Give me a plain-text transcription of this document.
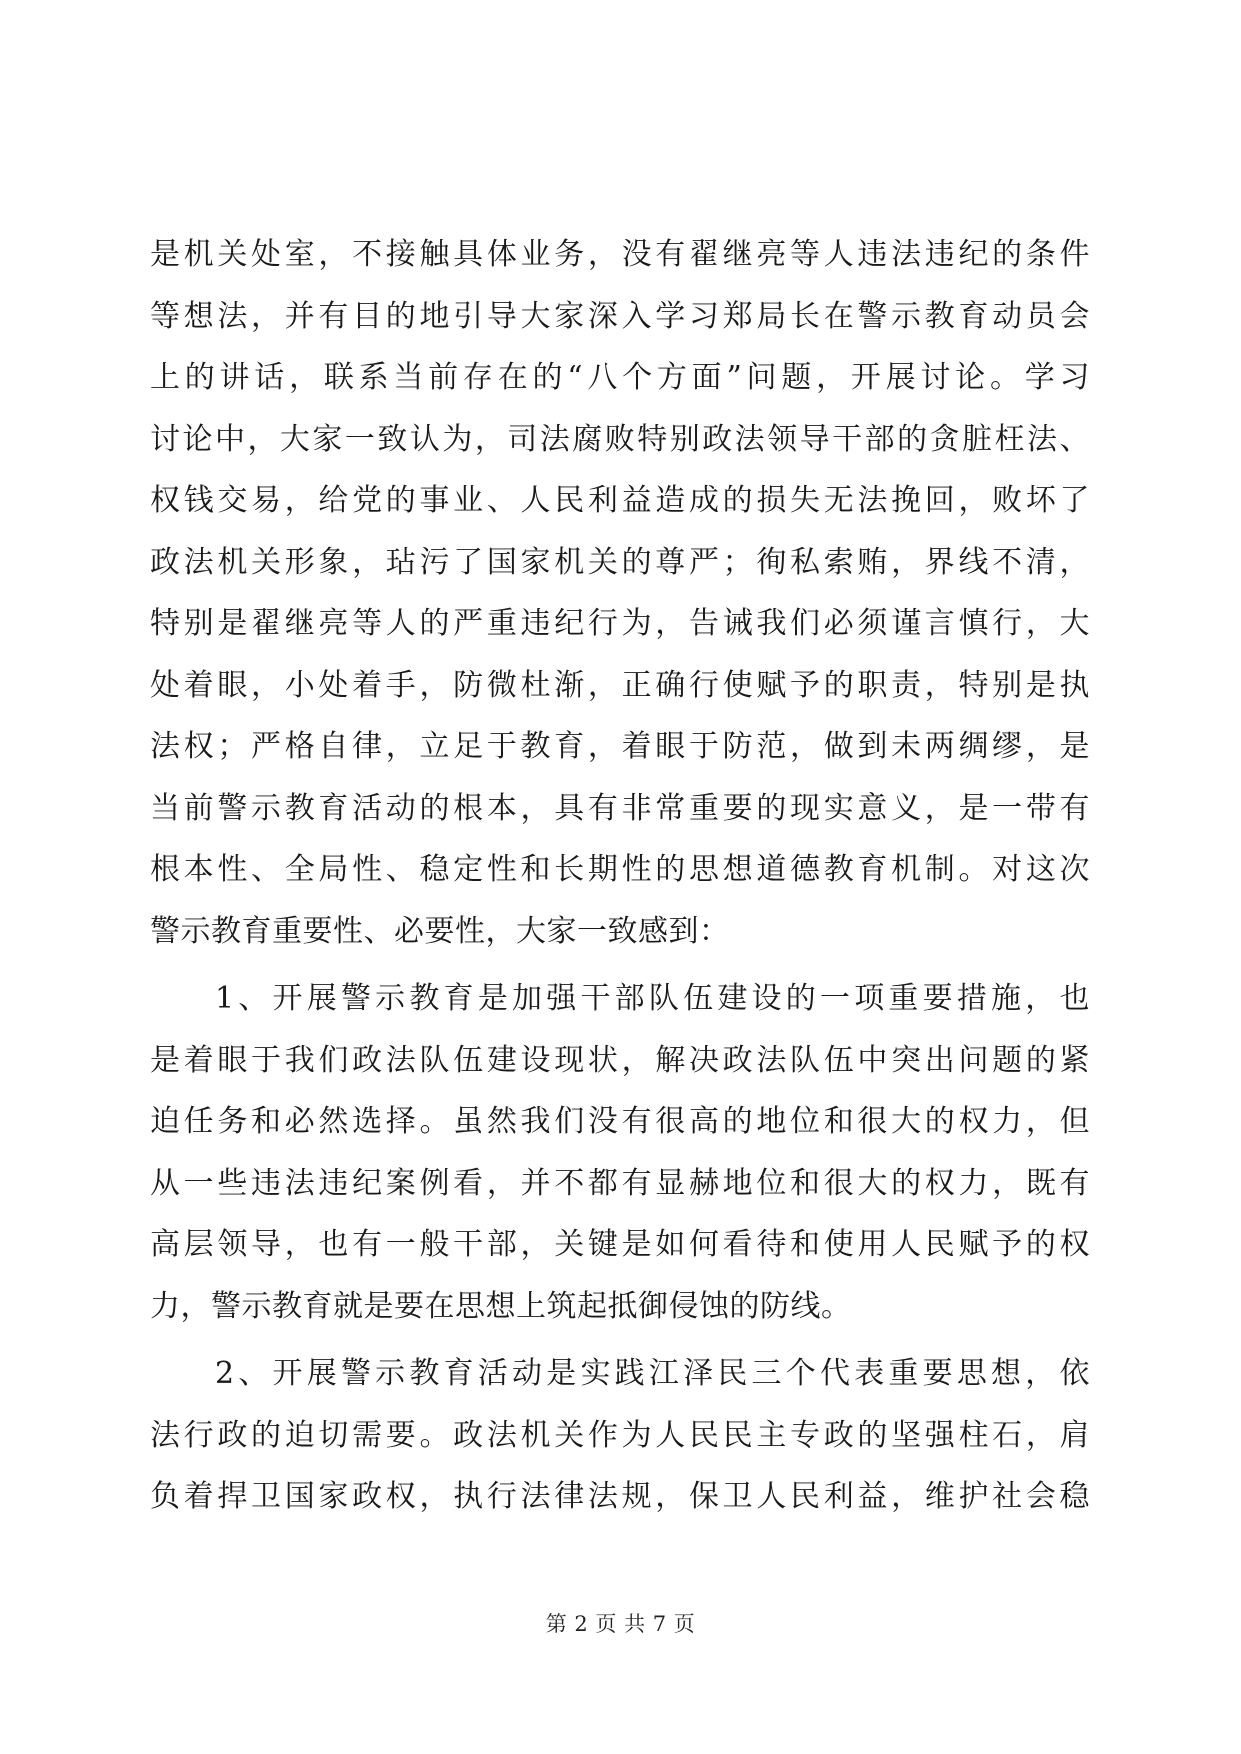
是机关处室，不接触具体业务，没有翟继亮等人违法违纪的条件
等想法，并有目的地引导大家深入学习郑局长在警示教育动员会
上的讲话，联系当前存在的“八个方面”问题，开展讨论。学习
讨论中，大家一致认为，司法腐败特别政法领导干部的贪脏枉法、
权钱交易，给党的事业、人民利益造成的损失无法挽回，败坏了
政法机关形象，玷污了国家机关的尊严；徇私索贿，界线不清，
特别是翟继亮等人的严重违纪行为，告诫我们必须谨言慎行，大
处着眼，小处着手，防微杜渐，正确行使赋予的职责，特别是执
法权；严格自律，立足于教育，着眼于防范，做到未两绸缪，是
当前警示教育活动的根本，具有非常重要的现实意义，是一带有
根本性、全局性、稳定性和长期性的思想道德教育机制。对这次
警示教育重要性、必要性，大家一致感到：
1、开展警示教育是加强干部队伍建设的一项重要措施，也
是着眼于我们政法队伍建设现状，解决政法队伍中突出问题的紧
迫任务和必然选择。虽然我们没有很高的地位和很大的权力，但
从一些违法违纪案例看，并不都有显赫地位和很大的权力，既有
高层领导，也有一般干部，关键是如何看待和使用人民赋予的权
力，警示教育就是要在思想上筑起抵御侵蚀的防线。
2、开展警示教育活动是实践江泽民三个代表重要思想，依
法行政的迫切需要。政法机关作为人民民主专政的坚强柱石，肩
负着捍卫国家政权，执行法律法规，保卫人民利益，维护社会稳
第 2 页 共 7 页
